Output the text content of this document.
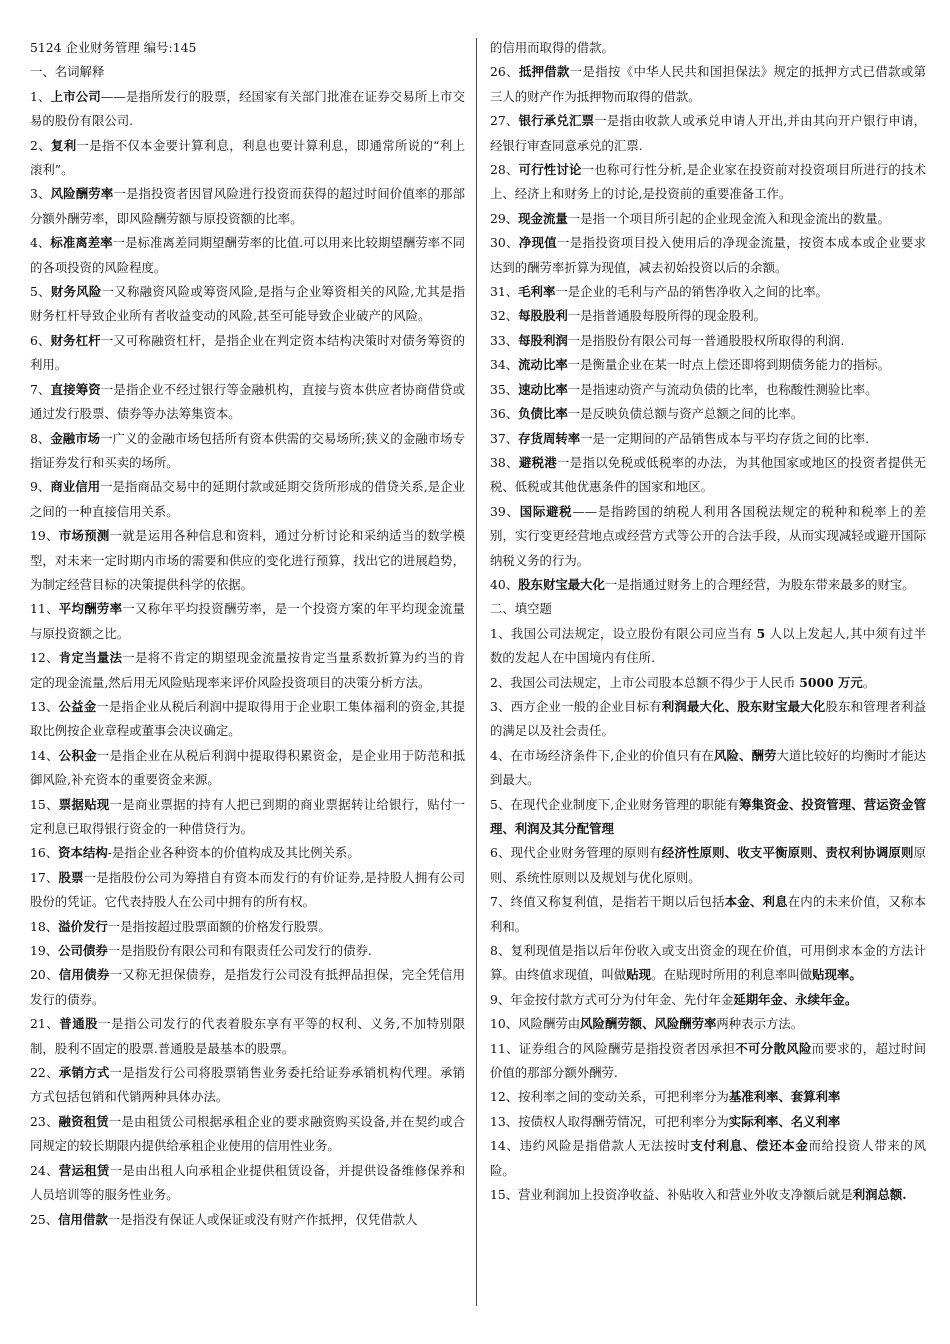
5124 企业财务管理 编号:145

一、名词解释

1、上市公司——是指所发行的股票，经国家有关部门批准在证券交易所上市交易的股份有限公司.

2、复利一是指不仅本金要计算利息，利息也要计算利息，即通常所说的“利上滚利”。

3、风险酬劳率一是指投资者因冒风险进行投资而获得的超过时间价值率的那部分额外酬劳率，即风险酬劳额与原投资额的比率。

4、标准离差率一是标准离差同期望酬劳率的比值.可以用来比较期望酬劳率不同的各项投资的风险程度。

5、财务风险一又称融资风险或筹资风险,是指与企业筹资相关的风险,尤其是指财务杠杆导致企业所有者收益变动的风险,甚至可能导致企业破产的风险。

6、财务杠杆一又可称融资杠杆，是指企业在判定资本结构决策时对债务筹资的利用。

7、直接筹资一是指企业不经过银行等金融机构，直接与资本供应者协商借贷或通过发行股票、债券等办法筹集资本。

8、金融市场一广义的金融市场包括所有资本供需的交易场所;狭义的金融市场专指证券发行和买卖的场所。

9、商业信用一是指商品交易中的延期付款或延期交货所形成的借贷关系,是企业之间的一种直接信用关系。

19、市场预测一就是运用各种信息和资料，通过分析讨论和采纳适当的数学模型，对未来一定时期内市场的需要和供应的变化进行预算，找出它的进展趋势，为制定经营目标的决策提供科学的依据。

11、平均酬劳率一又称年平均投资酬劳率，是一个投资方案的年平均现金流量与原投资额之比。

12、肯定当量法一是将不肯定的期望现金流量按肯定当量系数折算为约当的肯定的现金流量,然后用无风险贴现率来评价风险投资项目的决策分析方法。

13、公益金一是指企业从税后利润中提取得用于企业职工集体福利的资金,其提取比例按企业章程或董事会决议确定。

14、公积金一是指企业在从税后利润中提取得积累资金，是企业用于防范和抵御风险,补充资本的重要资金来源。

15、票据贴现一是商业票据的持有人把已到期的商业票据转让给银行，贴付一定利息已取得银行资金的一种借贷行为。

16、资本结构-是指企业各种资本的价值构成及其比例关系。

17、股票一是指股份公司为筹措自有资本而发行的有价证券,是持股人拥有公司股份的凭证。它代表持股人在公司中拥有的所有权。

18、溢价发行一是指按超过股票面额的价格发行股票。

19、公司债券一是指股份有限公司和有限责任公司发行的债券.

20、信用债券一又称无担保债券，是指发行公司没有抵押品担保，完全凭信用发行的债券。

21、普通股一是指公司发行的代表着股东享有平等的权利、义务,不加特别限制，股利不固定的股票.普通股是最基本的股票。

22、承销方式一是指发行公司将股票销售业务委托给证券承销机构代理。承销方式包括包销和代销两种具体办法。

23、融资租赁一是由租赁公司根据承租企业的要求融资购买设备,并在契约或合同规定的较长期限内提供给承租企业使用的信用性业务。

24、营运租赁一是由出租人向承租企业提供租赁设备，并提供设备维修保养和人员培训等的服务性业务。

25、信用借款一是指没有保证人或保证或没有财产作抵押，仅凭借款人

的信用而取得的借款。

26、抵押借款一是指按《中华人民共和国担保法》规定的抵押方式已借款或第三人的财产作为抵押物而取得的借款。

27、银行承兑汇票一是指由收款人或承兑申请人开出,并由其向开户银行申请，经银行审查同意承兑的汇票.

28、可行性讨论一也称可行性分析,是企业家在投资前对投资项目所进行的技术上、经济上和财务上的讨论,是投资前的重要准备工作。

29、现金流量一是指一个项目所引起的企业现金流入和现金流出的数量。

30、净现值一是指投资项目投入使用后的净现金流量，按资本成本或企业要求达到的酬劳率折算为现值，减去初始投资以后的余额。

31、毛利率一是企业的毛利与产品的销售净收入之间的比率。

32、每股股利一是指普通股每股所得的现金股利。

33、每股利润一是指股份有限公司每一普通股股权所取得的利润.

34、流动比率一是衡量企业在某一时点上偿还即将到期债务能力的指标。

35、速动比率一是指速动资产与流动负债的比率，也称酸性测验比率。

36、负债比率一是反映负债总额与资产总额之间的比率。

37、存货周转率一是一定期间的产品销售成本与平均存货之间的比率.

38、避税港一是指以免税或低税率的办法，为其他国家或地区的投资者提供无税、低税或其他优惠条件的国家和地区。

39、国际避税——是指跨国的纳税人利用各国税法规定的税种和税率上的差别，实行变更经营地点或经营方式等公开的合法手段，从而实现减轻或避开国际纳税义务的行为。

40、股东财宝最大化一是指通过财务上的合理经营，为股东带来最多的财宝。

二、填空题

1、我国公司法规定，设立股份有限公司应当有 5 人以上发起人,其中须有过半数的发起人在中国境内有住所.

2、我国公司法规定，上市公司股本总额不得少于人民币 5000 万元。

3、西方企业一般的企业目标有利润最大化、股东财宝最大化股东和管理者利益的满足以及社会责任。

4、在市场经济条件下,企业的价值只有在风险、酬劳大道比较好的均衡时才能达到最大。

5、在现代企业制度下,企业财务管理的职能有筹集资金、投资管理、营运资金管理、利润及其分配管理

6、现代企业财务管理的原则有经济性原则、收支平衡原则、责权利协调原则原则、系统性原则以及规划与优化原则。

7、终值又称复利值，是指若干期以后包括本金、利息在内的未来价值，又称本利和。

8、复利现值是指以后年份收入或支出资金的现在价值，可用倒求本金的方法计算。由终值求现值，叫做贴现。在贴现时所用的利息率叫做贴现率。

9、年金按付款方式可分为付年金、先付年金延期年金、永续年金。

10、风险酬劳由风险酬劳额、风险酬劳率两种表示方法。

11、证券组合的风险酬劳是指投资者因承担不可分散风险而要求的，超过时间价值的那部分额外酬劳.

12、按利率之间的变动关系，可把利率分为基准利率、套算利率

13、按债权人取得酬劳情况，可把利率分为实际利率、名义利率

14、违约风险是指借款人无法按时支付利息、偿还本金而给投资人带来的风险。

15、营业利润加上投资净收益、补贴收入和营业外收支净额后就是利润总额.
